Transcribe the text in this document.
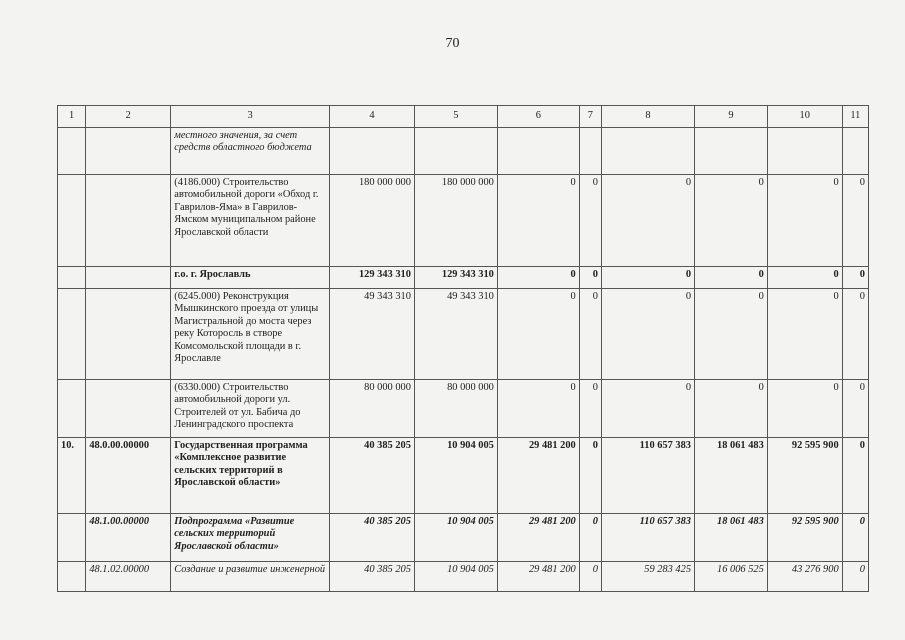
70
1	2	3	4	5	6	7	8	9	10	11
		местного значения, за счет средств областного бюджета								
		(4186.000) Строительство автомобильной дороги «Обход г. Гаврилов-Яма» в Гаврилов-Ямском муниципальном районе Ярославской области	180 000 000	180 000 000	0	0	0	0	0	0
		г.о. г. Ярославль	129 343 310	129 343 310	0	0	0	0	0	0
		(6245.000) Реконструкция Мышкинского проезда от улицы Магистральной до моста через реку Которосль в створе Комсомольской площади в г. Ярославле	49 343 310	49 343 310	0	0	0	0	0	0
		(6330.000) Строительство автомобильной дороги ул. Строителей от ул. Бабича до Ленинградского проспекта	80 000 000	80 000 000	0	0	0	0	0	0
10.	48.0.00.00000	Государственная программа «Комплексное развитие сельских территорий в Ярославской области»	40 385 205	10 904 005	29 481 200	0	110 657 383	18 061 483	92 595 900	0
	48.1.00.00000	Подпрограмма «Развитие сельских территорий Ярославской области»	40 385 205	10 904 005	29 481 200	0	110 657 383	18 061 483	92 595 900	0
	48.1.02.00000	Создание и развитие инженерной	40 385 205	10 904 005	29 481 200	0	59 283 425	16 006 525	43 276 900	0
